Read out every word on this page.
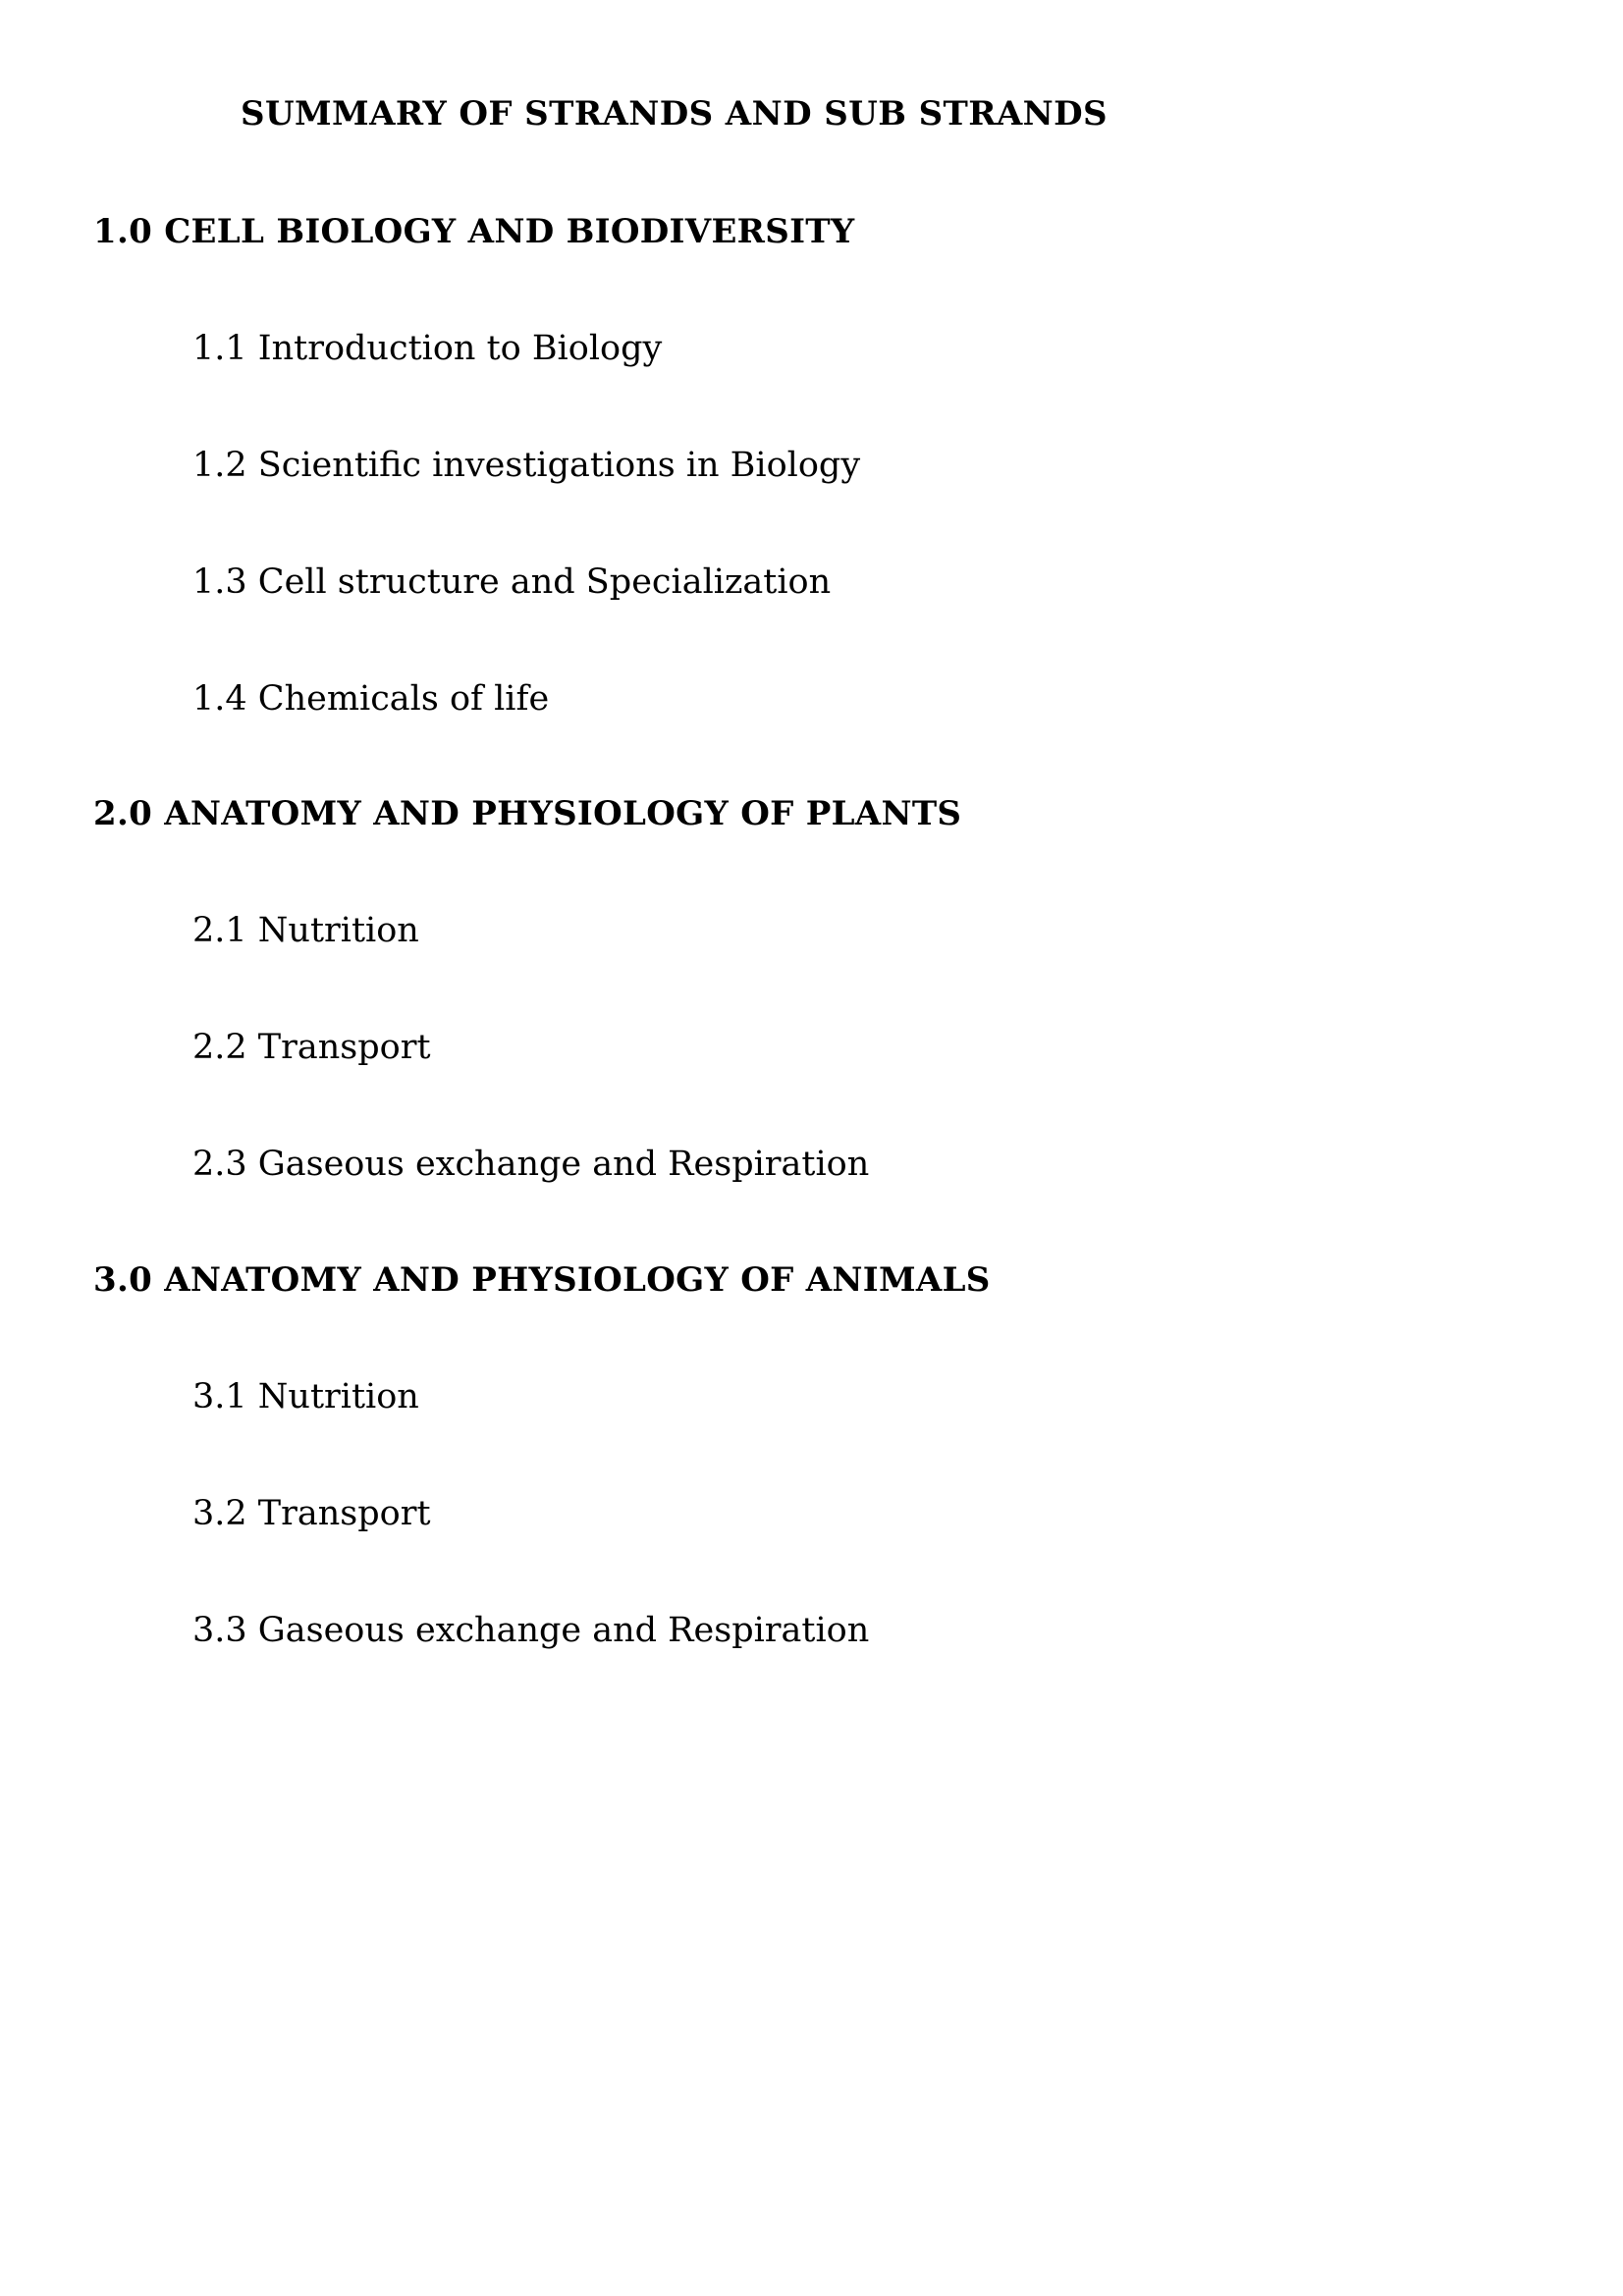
SUMMARY OF STRANDS AND SUB STRANDS
1.0 CELL BIOLOGY AND BIODIVERSITY
1.1 Introduction to Biology
1.2 Scientific investigations in Biology
1.3 Cell structure and Specialization
1.4 Chemicals of life
2.0 ANATOMY AND PHYSIOLOGY OF PLANTS
2.1 Nutrition
2.2 Transport
2.3 Gaseous exchange and Respiration
3.0 ANATOMY AND PHYSIOLOGY OF ANIMALS
3.1 Nutrition
3.2 Transport
3.3 Gaseous exchange and Respiration
